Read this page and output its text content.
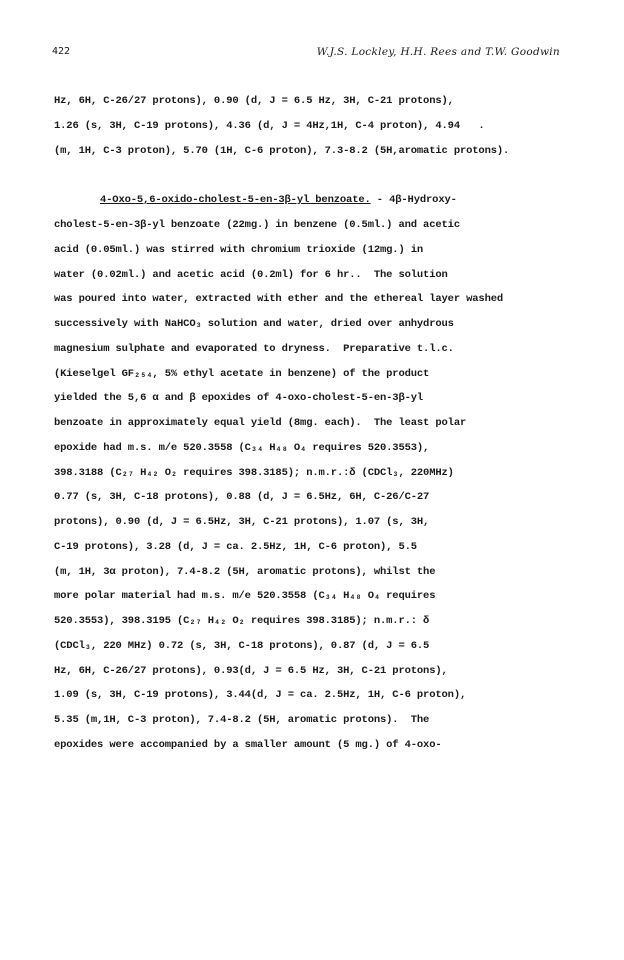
422	W.J.S. Lockley, H.H. Rees and T.W. Goodwin
Hz, 6H, C-26/27 protons), 0.90 (d, J = 6.5 Hz, 3H, C-21 protons),
1.26 (s, 3H, C-19 protons), 4.36 (d, J = 4Hz,1H, C-4 proton), 4.94   .
(m, 1H, C-3 proton), 5.70 (1H, C-6 proton), 7.3-8.2 (5H,aromatic protons).
4-Oxo-5,6-oxido-cholest-5-en-3β-yl benzoate. - 4β-Hydroxy-
cholest-5-en-3β-yl benzoate (22mg.) in benzene (0.5ml.) and acetic
acid (0.05ml.) was stirred with chromium trioxide (12mg.) in
water (0.02ml.) and acetic acid (0.2ml) for 6 hr..  The solution
was poured into water, extracted with ether and the ethereal layer washed
successively with NaHCO₃ solution and water, dried over anhydrous
magnesium sulphate and evaporated to dryness.  Preparative t.l.c.
(Kieselgel GF₂₅₄, 5% ethyl acetate in benzene) of the product
yielded the 5,6 α and β epoxides of 4-oxo-cholest-5-en-3β-yl
benzoate in approximately equal yield (8mg. each).  The least polar
epoxide had m.s. m/e 520.3558 (C₃₄ H₄₈ O₄ requires 520.3553),
398.3188 (C₂₇ H₄₂ O₂ requires 398.3185); n.m.r.:δ (CDCl₃, 220MHz)
0.77 (s, 3H, C-18 protons), 0.88 (d, J = 6.5Hz, 6H, C-26/C-27
protons), 0.90 (d, J = 6.5Hz, 3H, C-21 protons), 1.07 (s, 3H,
C-19 protons), 3.28 (d, J = ca. 2.5Hz, 1H, C-6 proton), 5.5
(m, 1H, 3α proton), 7.4-8.2 (5H, aromatic protons), whilst the
more polar material had m.s. m/e 520.3558 (C₃₄ H₄₈ O₄ requires
520.3553), 398.3195 (C₂₇ H₄₂ O₂ requires 398.3185); n.m.r.: δ
(CDCl₃, 220 MHz) 0.72 (s, 3H, C-18 protons), 0.87 (d, J = 6.5
Hz, 6H, C-26/27 protons), 0.93(d, J = 6.5 Hz, 3H, C-21 protons),
1.09 (s, 3H, C-19 protons), 3.44(d, J = ca. 2.5Hz, 1H, C-6 proton),
5.35 (m,1H, C-3 proton), 7.4-8.2 (5H, aromatic protons).  The
epoxides were accompanied by a smaller amount (5 mg.) of 4-oxo-
